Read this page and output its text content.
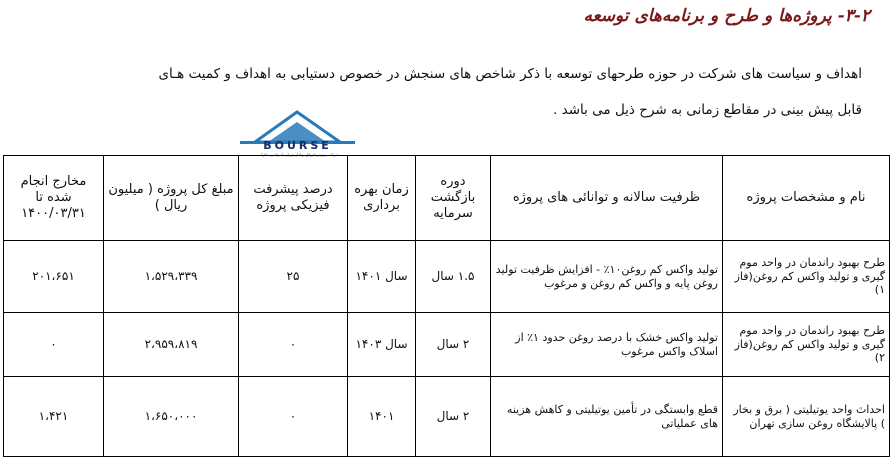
۳-۲- پروژه‌ها و طرح و برنامه‌های توسعه
اهداف و سیاست های شرکت در حوزه طرحهای توسعه با ذکر شاخص های سنجش در خصوص دستیابی به اهداف و کمیت هـای
قابل پیش بینی در مقاطع زمانی به شرح ذیل می باشد .
BOURSE
شرکت بورس اوراق بهادار تهران (سهامی عام)
نام و مشخصات پروژه	ظرفیت سالانه و توانائی های پروژه	دوره بازگشت سرمایه	زمان بهره برداری	درصد پیشرفت فیزیکی پروژه	مبلغ کل پروژه ( میلیون ریال )	مخارج انجام شده تا ۱۴۰۰/۰۳/۳۱
طرح بهبود راندمان در واحد موم گیری و تولید واکس کم روغن(فاز ۱)	تولید واکس کم روغن۱۰٪ - افزایش ظرفیت تولید روغن پایه و واکس کم روغن و مرغوب	۱.۵ سال	سال ۱۴۰۱	۲۵	۱،۵۲۹،۳۳۹	۲۰۱،۶۵۱
طرح بهبود راندمان در واحد موم گیری و تولید واکس کم روغن(فاز ۲)	تولید واکس خشک با درصد روغن حدود ۱٪ از اسلاک واکس مرغوب	۲ سال	سال ۱۴۰۳	۰	۲،۹۵۹،۸۱۹	۰
احداث واحد یوتیلیتی ( برق و بخار ) پالایشگاه روغن سازی تهران	قطع وابستگی در تأمین یوتیلیتی و کاهش هزینه های عملیاتی	۲ سال	۱۴۰۱	۰	۱،۶۵۰،۰۰۰	۱،۴۲۱
